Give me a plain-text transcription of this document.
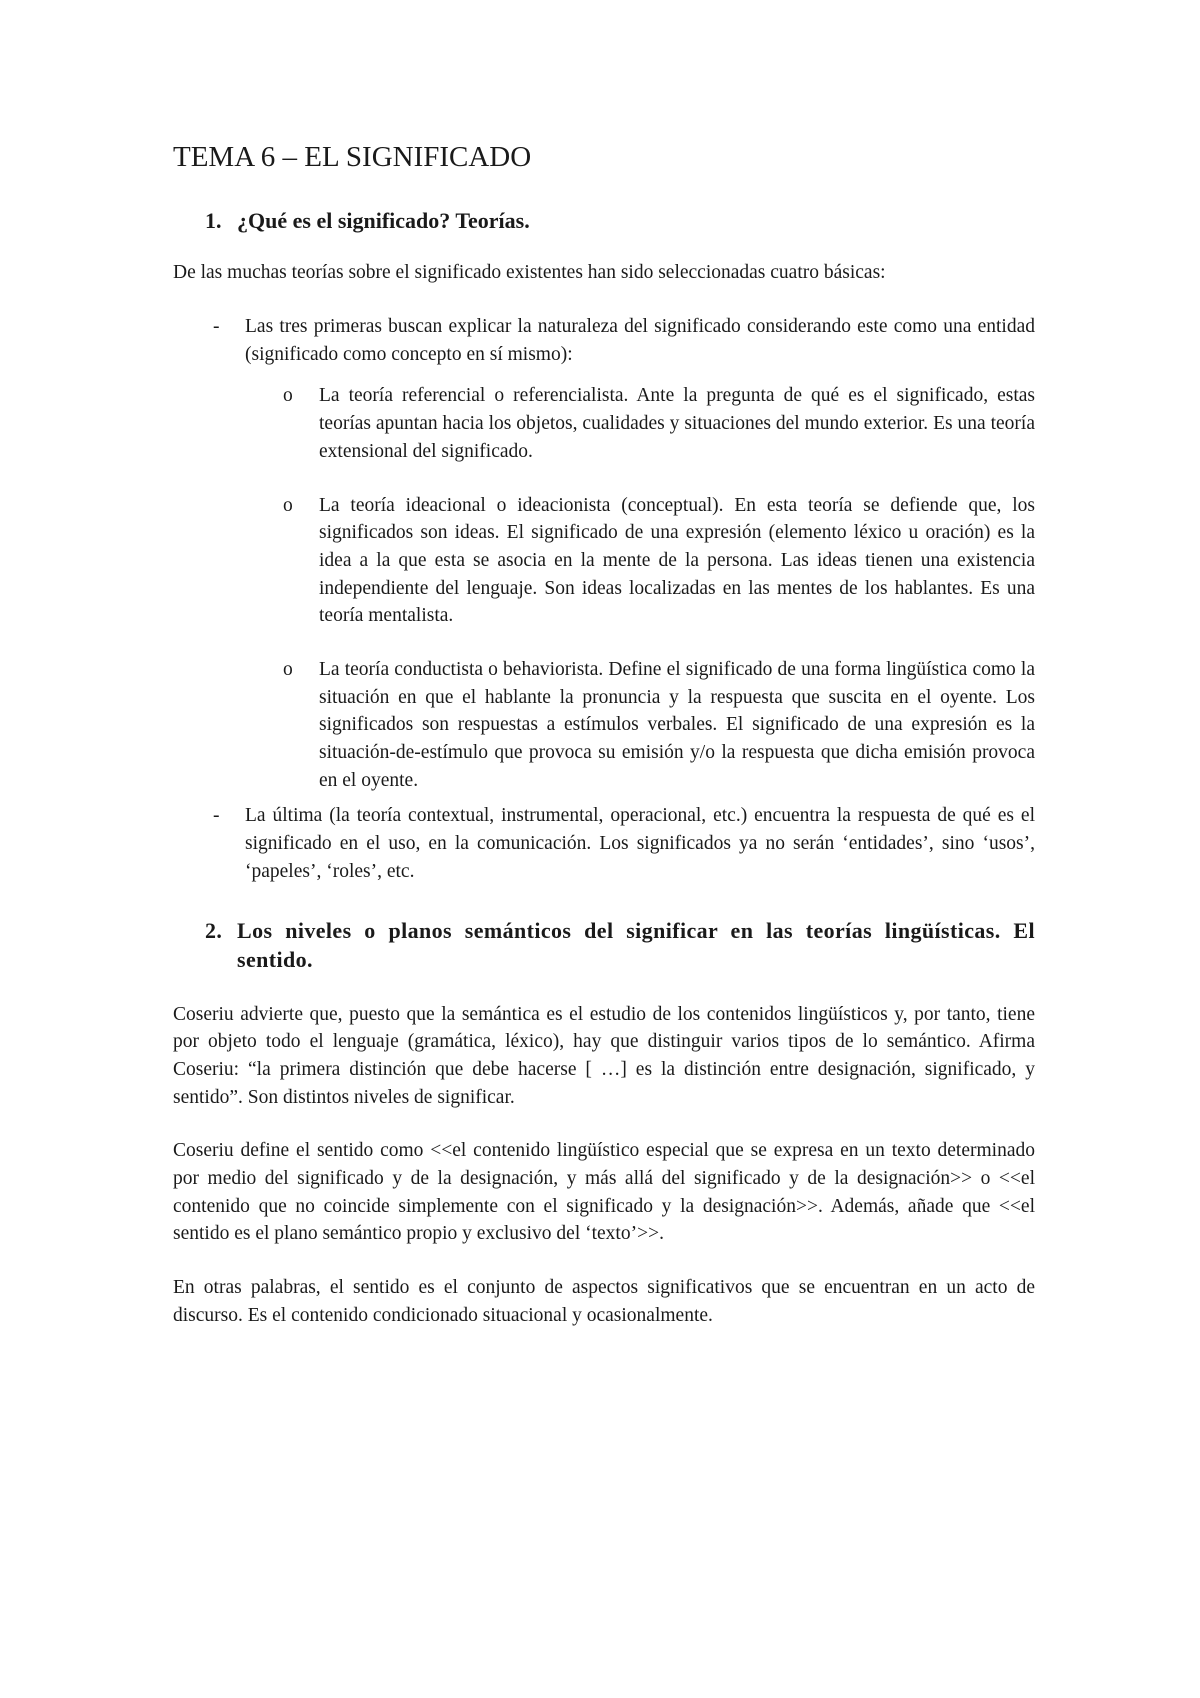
TEMA 6 – EL SIGNIFICADO
1. ¿Qué es el significado? Teorías.

De las muchas teorías sobre el significado existentes han sido seleccionadas cuatro básicas:

-	Las tres primeras buscan explicar la naturaleza del significado considerando este como una entidad (significado como concepto en sí mismo):
o	La teoría referencial o referencialista. Ante la pregunta de qué es el significado, estas teorías apuntan hacia los objetos, cualidades y situaciones del mundo exterior. Es una teoría extensional del significado.
o	La teoría ideacional o ideacionista (conceptual). En esta teoría se defiende que, los significados son ideas. El significado de una expresión (elemento léxico u oración) es la idea a la que esta se asocia en la mente de la persona. Las ideas tienen una existencia independiente del lenguaje. Son ideas localizadas en las mentes de los hablantes. Es una teoría mentalista.
o	La teoría conductista o behaviorista. Define el significado de una forma lingüística como la situación en que el hablante la pronuncia y la respuesta que suscita en el oyente. Los significados son respuestas a estímulos verbales. El significado de una expresión es la situación-de-estímulo que provoca su emisión y/o la respuesta que dicha emisión provoca en el oyente.
-	La última (la teoría contextual, instrumental, operacional, etc.) encuentra la respuesta de qué es el significado en el uso, en la comunicación. Los significados ya no serán ‘entidades’, sino ‘usos’, ‘papeles’, ‘roles’, etc.
2. Los niveles o planos semánticos del significar en las teorías lingüísticas. El sentido.

Coseriu advierte que, puesto que la semántica es el estudio de los contenidos lingüísticos y, por tanto, tiene por objeto todo el lenguaje (gramática, léxico), hay que distinguir varios tipos de lo semántico. Afirma Coseriu: “la primera distinción que debe hacerse [ …] es la distinción entre designación, significado, y sentido”. Son distintos niveles de significar.

Coseriu define el sentido como <<el contenido lingüístico especial que se expresa en un texto determinado por medio del significado y de la designación, y más allá del significado y de la designación>> o <<el contenido que no coincide simplemente con el significado y la designación>>. Además, añade que <<el sentido es el plano semántico propio y exclusivo del ‘texto’>>.

En otras palabras, el sentido es el conjunto de aspectos significativos que se encuentran en un acto de discurso. Es el contenido condicionado situacional y ocasionalmente.
